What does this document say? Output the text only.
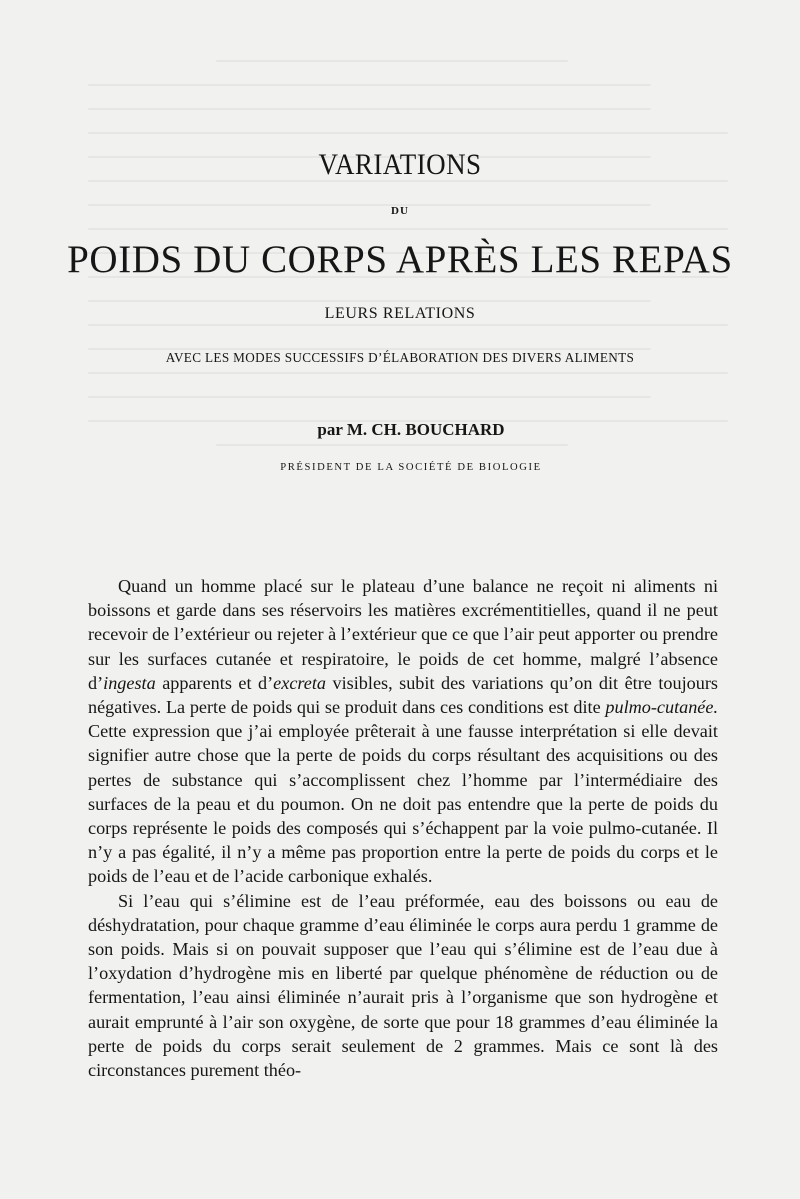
VARIATIONS
DU
POIDS DU CORPS APRÈS LES REPAS
LEURS RELATIONS
AVEC LES MODES SUCCESSIFS D’ÉLABORATION DES DIVERS ALIMENTS
par M. CH. BOUCHARD
PRÉSIDENT DE LA SOCIÉTÉ DE BIOLOGIE

Quand un homme placé sur le plateau d’une balance ne reçoit ni aliments ni boissons et garde dans ses réservoirs les matières excrémentitielles, quand il ne peut recevoir de l’extérieur ou rejeter à l’extérieur que ce que l’air peut apporter ou prendre sur les surfaces cutanée et respiratoire, le poids de cet homme, malgré l’absence d’ingesta apparents et d’excreta visibles, subit des variations qu’on dit être toujours négatives. La perte de poids qui se produit dans ces conditions est dite pulmo-cutanée. Cette expression que j’ai employée prêterait à une fausse interprétation si elle devait signifier autre chose que la perte de poids du corps résultant des acquisitions ou des pertes de substance qui s’accomplissent chez l’homme par l’intermédiaire des surfaces de la peau et du poumon. On ne doit pas entendre que la perte de poids du corps représente le poids des composés qui s’échappent par la voie pulmo-cutanée. Il n’y a pas égalité, il n’y a même pas proportion entre la perte de poids du corps et le poids de l’eau et de l’acide carbonique exhalés.

Si l’eau qui s’élimine est de l’eau préformée, eau des boissons ou eau de déshydratation, pour chaque gramme d’eau éliminée le corps aura perdu 1 gramme de son poids. Mais si on pouvait supposer que l’eau qui s’élimine est de l’eau due à l’oxydation d’hydrogène mis en liberté par quelque phénomène de réduction ou de fermentation, l’eau ainsi éliminée n’aurait pris à l’organisme que son hydrogène et aurait emprunté à l’air son oxygène, de sorte que pour 18 grammes d’eau éliminée la perte de poids du corps serait seulement de 2 grammes. Mais ce sont là des circonstances purement théo-
